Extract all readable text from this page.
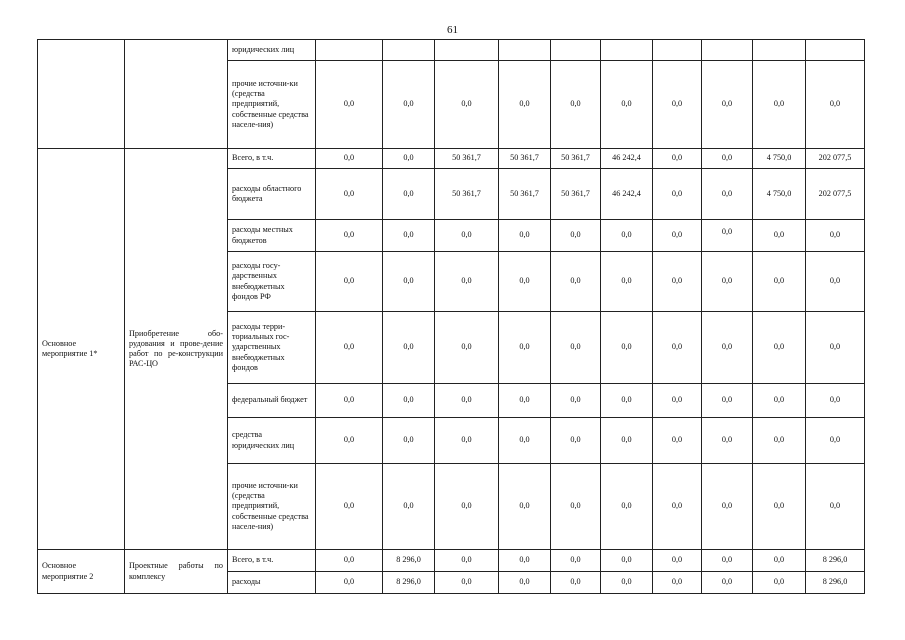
61
		юридических лиц										
		прочие источни-ки (средства предприятий, собственные средства населе-ния)	0,0	0,0	0,0	0,0	0,0	0,0	0,0	0,0	0,0	0,0
Основное мероприятие 1*	Приобретение обо-рудования и прове-дение работ по ре-конструкции РАС-ЦО	Всего, в т.ч.	0,0	0,0	50 361,7	50 361,7	50 361,7	46 242,4	0,0	0,0	4 750,0	202 077,5
		расходы областного бюджета	0,0	0,0	50 361,7	50 361,7	50 361,7	46 242,4	0,0	0,0	4 750,0	202 077,5
		расходы местных бюджетов	0,0	0,0	0,0	0,0	0,0	0,0	0,0	0,0	0,0	0,0
		расходы госу-дарственных внебюджетных фондов РФ	0,0	0,0	0,0	0,0	0,0	0,0	0,0	0,0	0,0	0,0
		расходы терри-ториальных гос-ударственных внебюджетных фондов	0,0	0,0	0,0	0,0	0,0	0,0	0,0	0,0	0,0	0,0
		федеральный бюджет	0,0	0,0	0,0	0,0	0,0	0,0	0,0	0,0	0,0	0,0
		средства юридических лиц	0,0	0,0	0,0	0,0	0,0	0,0	0,0	0,0	0,0	0,0
		прочие источни-ки (средства предприятий, собственные средства населе-ния)	0,0	0,0	0,0	0,0	0,0	0,0	0,0	0,0	0,0	0,0
Основное мероприятие 2	Проектные работы по комплексу	Всего, в т.ч.	0,0	8 296,0	0,0	0,0	0,0	0,0	0,0	0,0	0,0	8 296,0
		расходы	0,0	8 296,0	0,0	0,0	0,0	0,0	0,0	0,0	0,0	8 296,0
